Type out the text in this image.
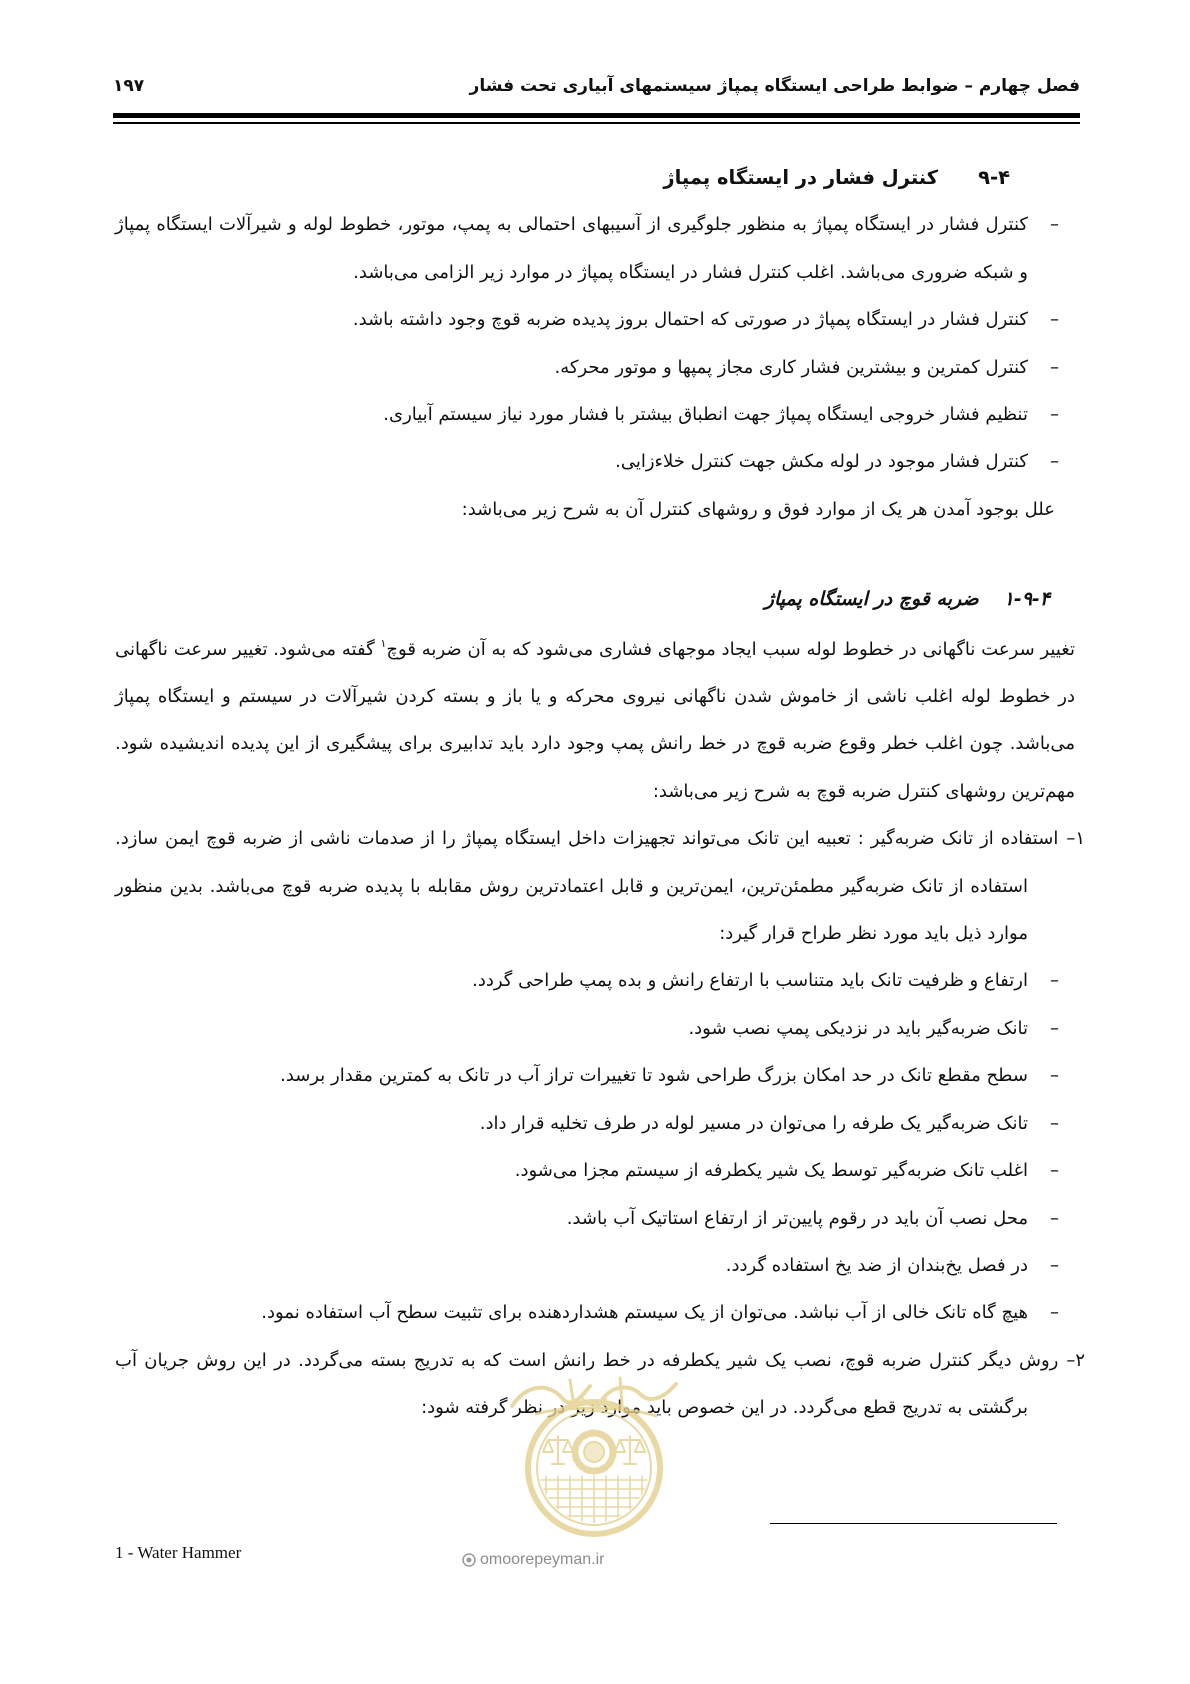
فصل چهارم – ضوابط طراحی ایستگاه پمپاژ سیستمهای آبیاری تحت فشار
۱۹۷
۹-۴
کنترل فشار در ایستگاه پمپاژ
–
کنترل فشار در ایستگاه پمپاژ به منظور جلوگیری از آسیبهای احتمالی به پمپ، موتور، خطوط لوله و شیرآلات ایستگاه پمپاژ و شبکه ضروری می‌باشد. اغلب کنترل فشار در ایستگاه پمپاژ در موارد زیر الزامی می‌باشد.
–
کنترل فشار در ایستگاه پمپاژ در صورتی که احتمال بروز پدیده ضربه قوچ وجود داشته باشد.
–
کنترل کمترین و بیشترین فشار کاری مجاز پمپها و موتور محرکه.
–
تنظیم فشار خروجی ایستگاه پمپاژ جهت انطباق بیشتر با فشار مورد نیاز سیستم آبیاری.
–
کنترل فشار موجود در لوله مکش جهت کنترل خلاءزایی.

علل بوجود آمدن هر یک از موارد فوق و روشهای کنترل آن به شرح زیر می‌باشد:

۱-۹-۴
ضربه قوچ در ایستگاه پمپاژ

تغییر سرعت ناگهانی در خطوط لوله سبب ایجاد موجهای فشاری می‌شود که به آن ضربه قوچ$^۱$ گفته می‌شود. تغییر سرعت ناگهانی در خطوط لوله اغلب ناشی از خاموش شدن ناگهانی نیروی محرکه و یا باز و بسته کردن شیرآلات در سیستم و ایستگاه پمپاژ می‌باشد. چون اغلب خطر وقوع ضربه قوچ در خط رانش پمپ وجود دارد باید تدابیری برای پیشگیری از این پدیده اندیشیده شود. مهم‌ترین روشهای کنترل ضربه قوچ به شرح زیر می‌باشد:

۱–استفاده از تانک ضربه‌گیر : تعبیه این تانک می‌تواند تجهیزات داخل ایستگاه پمپاژ را از صدمات ناشی از ضربه قوچ ایمن سازد. استفاده از تانک ضربه‌گیر مطمئن‌ترین، ایمن‌ترین و قابل اعتمادترین روش مقابله با پدیده ضربه قوچ می‌باشد. بدین منظور موارد ذیل باید مورد نظر طراح قرار گیرد:

–
ارتفاع و ظرفیت تانک باید متناسب با ارتفاع رانش و بده پمپ طراحی گردد.
–
تانک ضربه‌گیر باید در نزدیکی پمپ نصب شود.
–
سطح مقطع تانک در حد امکان بزرگ طراحی شود تا تغییرات تراز آب در تانک به کمترین مقدار برسد.
–
تانک ضربه‌گیر یک طرفه را می‌توان در مسیر لوله در طرف تخلیه قرار داد.
–
اغلب تانک ضربه‌گیر توسط یک شیر یکطرفه از سیستم مجزا می‌شود.
–
محل نصب آن باید در رقوم پایین‌تر از ارتفاع استاتیک آب باشد.
–
در فصل یخ‌بندان از ضد یخ استفاده گردد.
–
هیچ گاه تانک خالی از آب نباشد. می‌توان از یک سیستم هشداردهنده برای تثبیت سطح آب استفاده نمود.

۲–روش دیگر کنترل ضربه قوچ، نصب یک شیر یکطرفه در خط رانش است که به تدریج بسته می‌گردد. در این روش جریان آب برگشتی به تدریج قطع می‌گردد. در این خصوص باید موارد زیر در نظر گرفته شود:

omoorepeyman.ir
1 - Water Hammer
